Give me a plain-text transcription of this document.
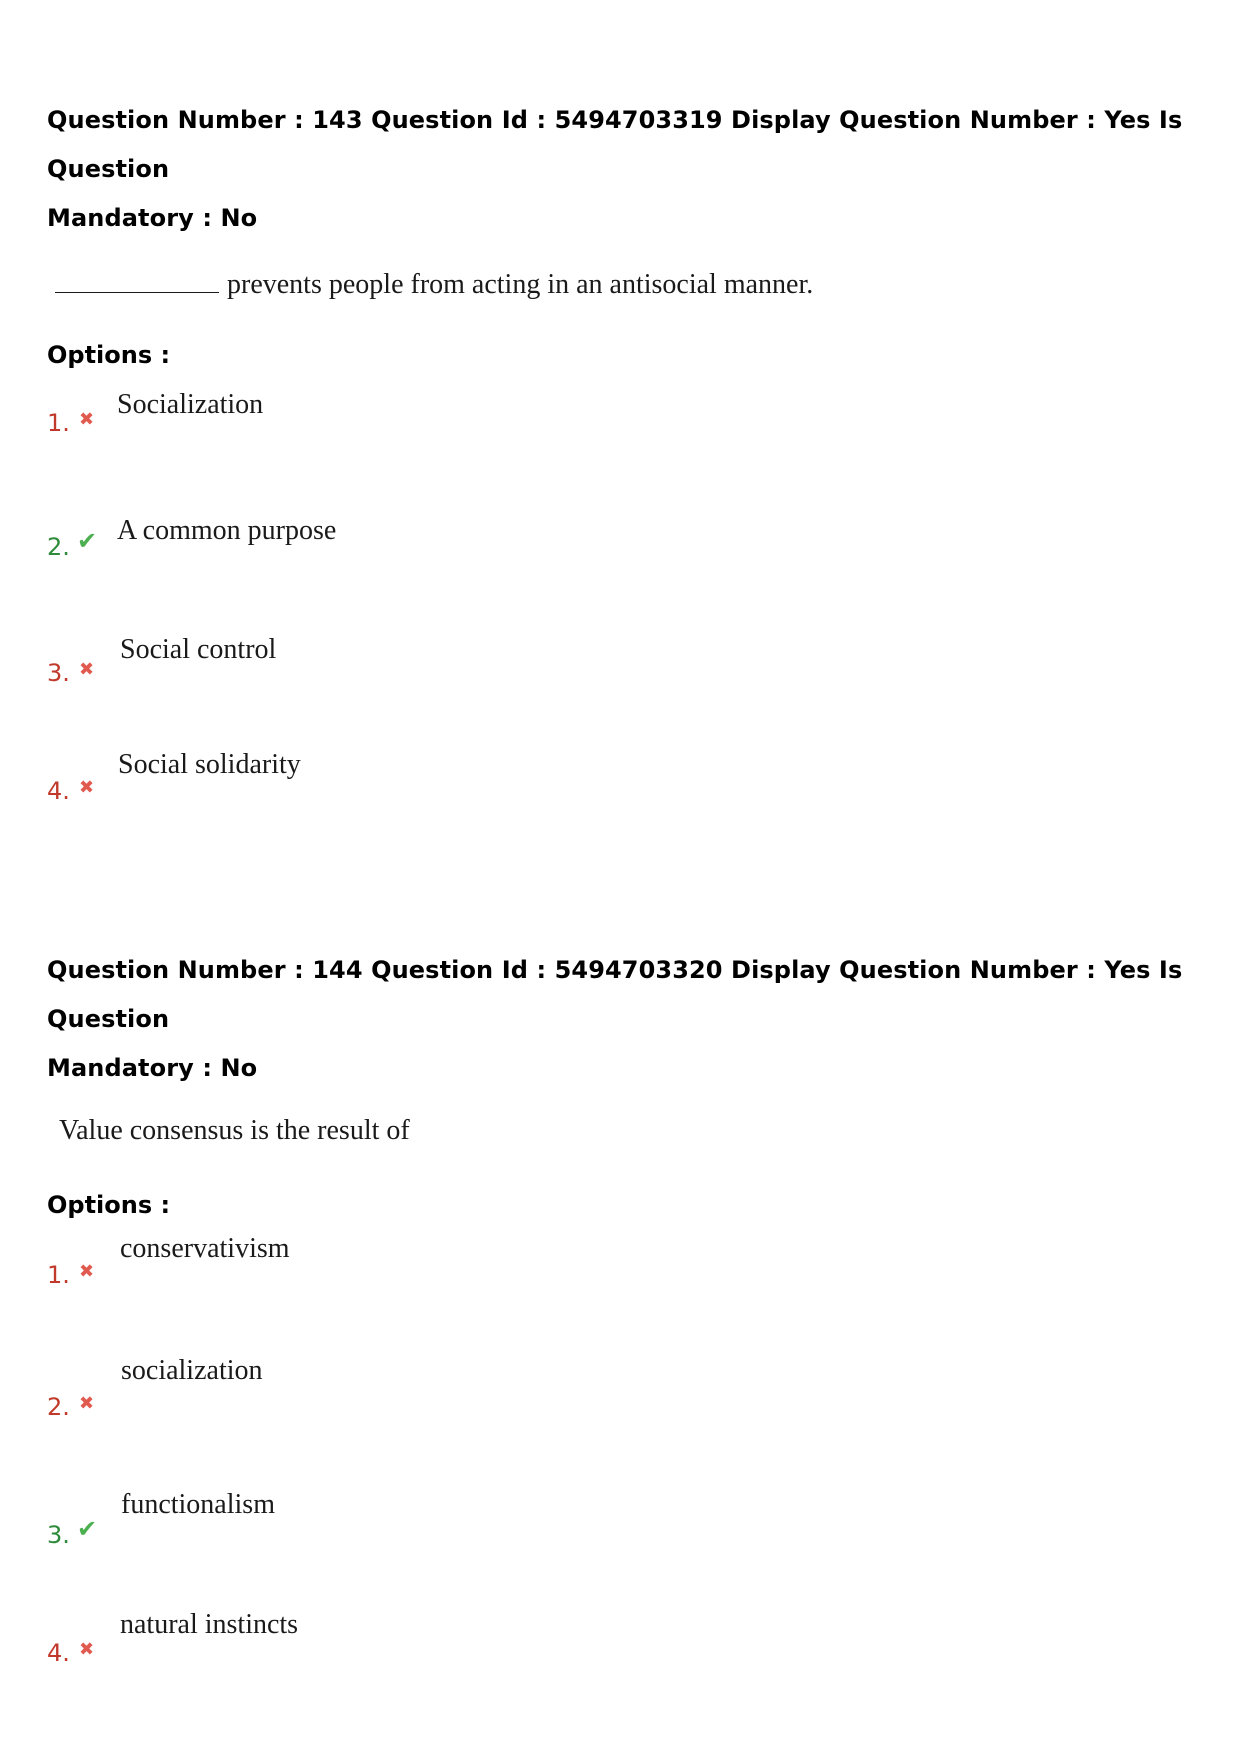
Question Number : 143 Question Id : 5494703319 Display Question Number : Yes Is Question
Mandatory : No

prevents people from acting in an antisocial manner.

Options :

1. ✖ Socialization
2. ✔ A common purpose
3. ✖
Social control
4. ✖
Social solidarity

Question Number : 144 Question Id : 5494703320 Display Question Number : Yes Is Question
Mandatory : No

Value consensus is the result of

Options :

1. ✖
conservativism
2. ✖
socialization
3. ✔
functionalism
4. ✖
natural instincts
